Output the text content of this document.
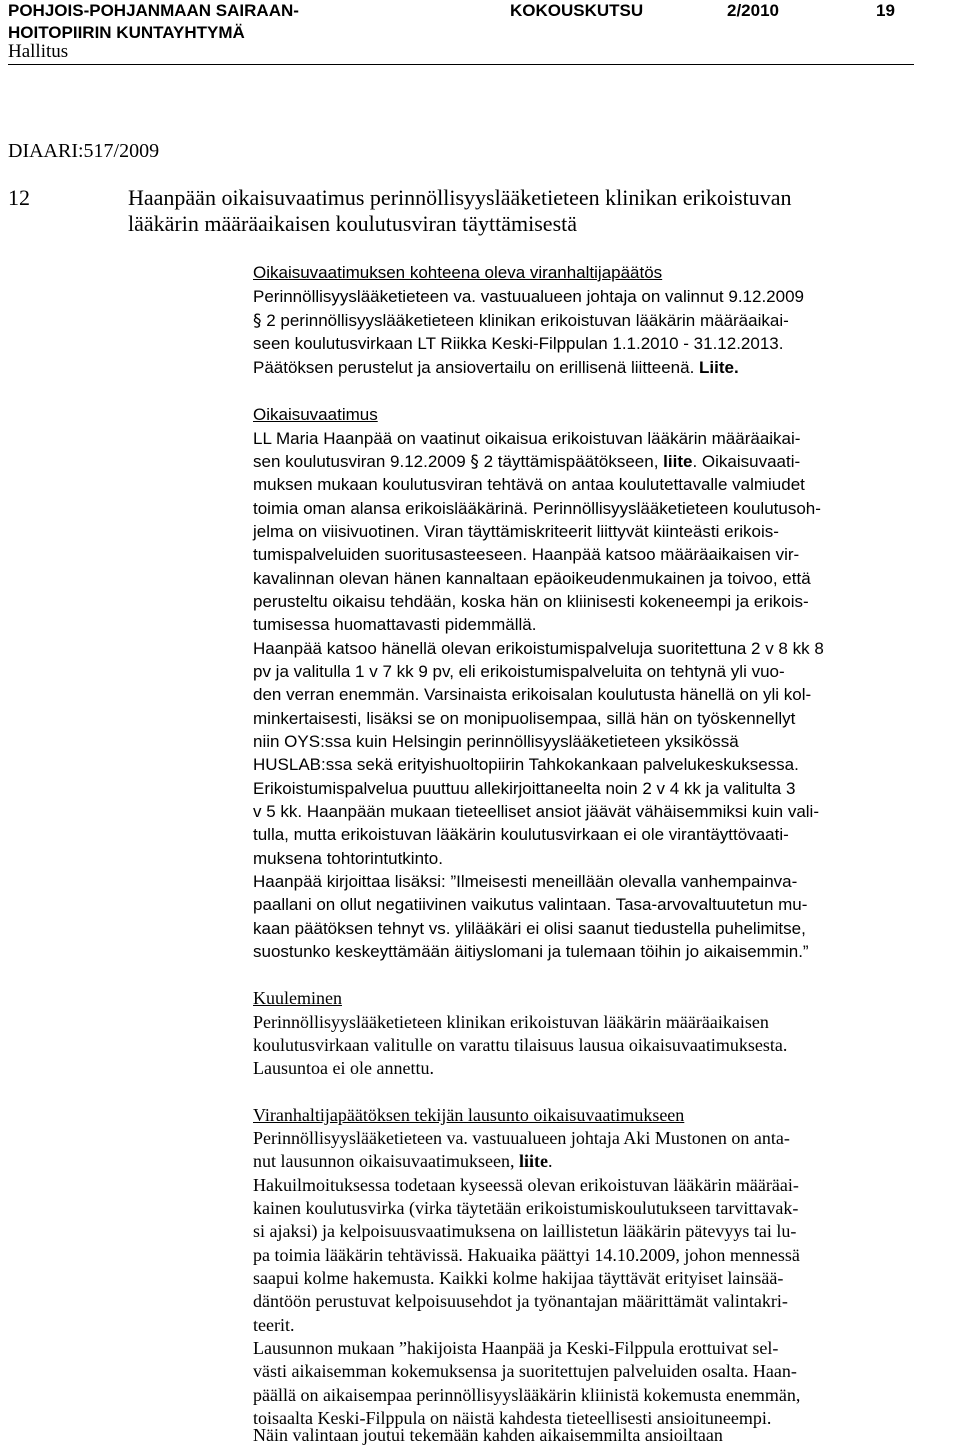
POHJOIS-POHJANMAAN SAIRAAN-
HOITOPIIRIN KUNTAYHTYMÄ
KOKOUSKUTSU	2/2010	19
Hallitus
DIAARI:517/2009
12	Haanpään oikaisuvaatimus perinnöllisyyslääketieteen klinikan erikoistuvan
lääkärin määräaikaisen koulutusviran täyttämisestä
Oikaisuvaatimuksen kohteena oleva viranhaltijapäätös
Perinnöllisyyslääketieteen va. vastuualueen johtaja on valinnut 9.12.2009
§ 2 perinnöllisyyslääketieteen klinikan erikoistuvan lääkärin määräaikai-
seen koulutusvirkaan LT Riikka Keski-Filppulan 1.1.2010 - 31.12.2013.
Päätöksen perustelut ja ansiovertailu on erillisenä liitteenä. Liite.
Oikaisuvaatimus
LL Maria Haanpää on vaatinut oikaisua erikoistuvan lääkärin määräaikai-
sen koulutusviran 9.12.2009 § 2 täyttämispäätökseen, liite. Oikaisuvaati-
muksen mukaan koulutusviran tehtävä on antaa koulutettavalle valmiudet
toimia oman alansa erikoislääkärinä. Perinnöllisyyslääketieteen koulutusoh-
jelma on viisivuotinen. Viran täyttämiskriteerit liittyvät kiinteästi erikois-
tumispalveluiden suoritusasteeseen. Haanpää katsoo määräaikaisen vir-
kavalinnan olevan hänen kannaltaan epäoikeudenmukainen ja toivoo, että
perusteltu oikaisu tehdään, koska hän on kliinisesti kokeneempi ja erikois-
tumisessa huomattavasti pidemmällä.
Haanpää katsoo hänellä olevan erikoistumispalveluja suoritettuna 2 v 8 kk 8
pv ja valitulla 1 v 7 kk 9 pv, eli erikoistumispalveluita on tehtynä yli vuo-
den verran enemmän. Varsinaista erikoisalan koulutusta hänellä on yli kol-
minkertaisesti, lisäksi se on monipuolisempaa, sillä hän on työskennellyt
niin OYS:ssa kuin Helsingin perinnöllisyyslääketieteen yksikössä
HUSLAB:ssa sekä erityishuoltopiirin Tahkokankaan palvelukeskuksessa.
Erikoistumispalvelua puuttuu allekirjoittaneelta noin 2 v 4 kk ja valitulta 3
v 5 kk. Haanpään mukaan tieteelliset ansiot jäävät vähäisemmiksi kuin vali-
tulla, mutta erikoistuvan lääkärin koulutusvirkaan ei ole virantäyttövaati-
muksena tohtorintutkinto.
Haanpää kirjoittaa lisäksi: ”Ilmeisesti meneillään olevalla vanhempainva-
paallani on ollut negatiivinen vaikutus valintaan. Tasa-arvovaltuutetun mu-
kaan päätöksen tehnyt vs. ylilääkäri ei olisi saanut tiedustella puhelimitse,
suostunko keskeyttämään äitiyslomani ja tulemaan töihin jo aikaisemmin.”
Kuuleminen
Perinnöllisyyslääketieteen klinikan erikoistuvan lääkärin määräaikaisen
koulutusvirkaan valitulle on varattu tilaisuus lausua oikaisuvaatimuksesta.
Lausuntoa ei ole annettu.
Viranhaltijapäätöksen tekijän lausunto oikaisuvaatimukseen
Perinnöllisyyslääketieteen va. vastuualueen johtaja Aki Mustonen on antа-
nut lausunnon oikaisuvaatimukseen, liite.
Hakuilmoituksessa todetaan kyseessä olevan erikoistuvan lääkärin määräai-
kainen koulutusvirka (virka täytetään erikoistumiskoulutukseen tarvittavak-
si ajaksi) ja kelpoisuusvaatimuksena on laillistetun lääkärin pätevyys tai lu-
pa toimia lääkärin tehtävissä. Hakuaika päättyi 14.10.2009, johon mennessä
saapui kolme hakemusta. Kaikki kolme hakijaa täyttävät erityiset lainsää-
däntöön perustuvat kelpoisuusehdot ja työnantajan määrittämät valintakri-
teerit.
Lausunnon mukaan ”hakijoista Haanpää ja Keski-Filppula erottuivat sel-
västi aikaisemman kokemuksensa ja suoritettujen palveluiden osalta. Haan-
päällä on aikaisempaa perinnöllisyyslääkärin kliinistä kokemusta enemmän,
toisaalta Keski-Filppula on näistä kahdesta tieteellisesti ansioituneempi.
Näin valintaan joutui tekemään kahden aikaisemmilta ansioiltaan
